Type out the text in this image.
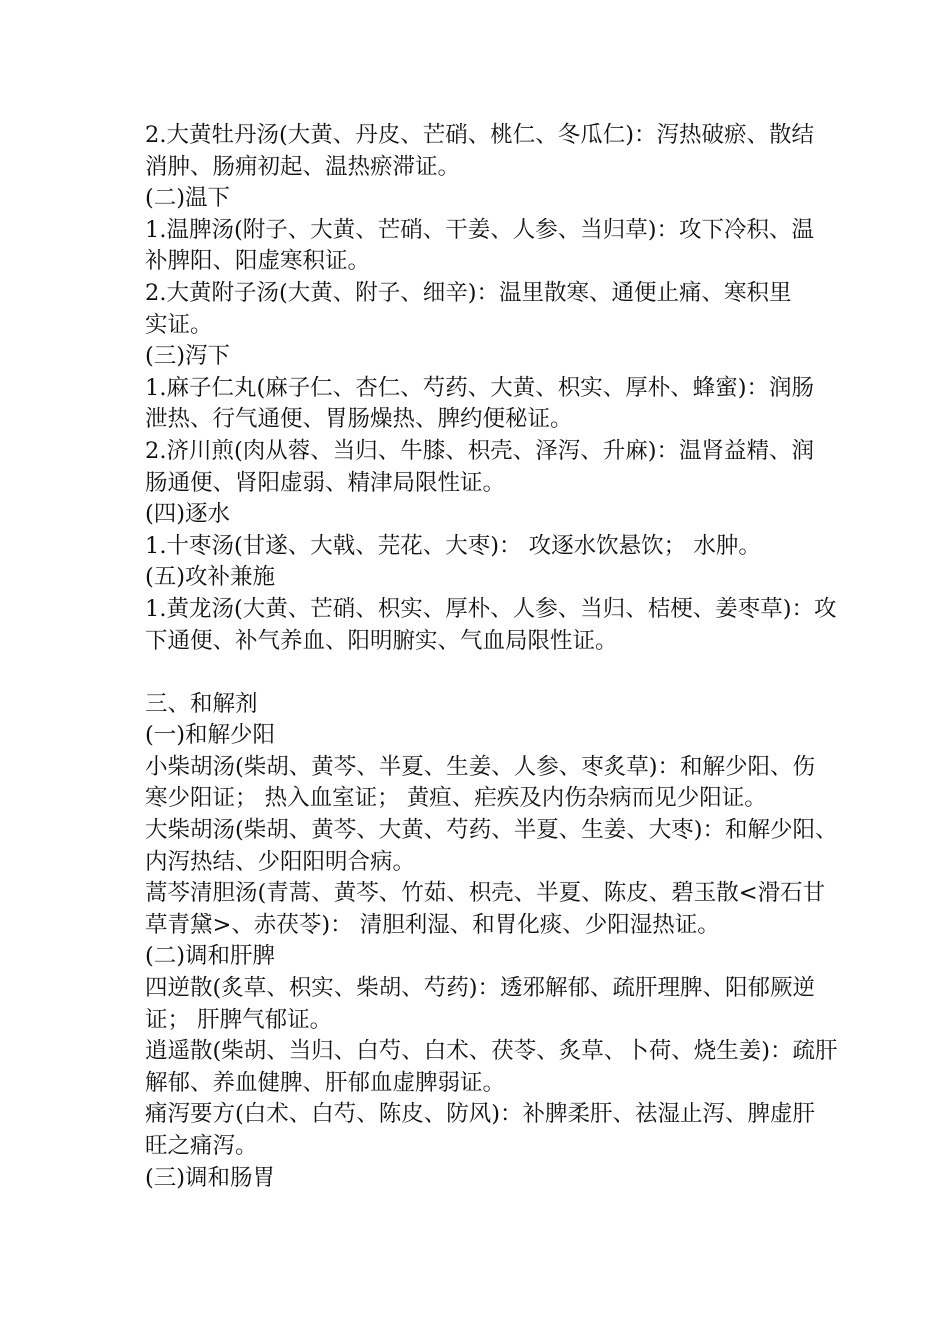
2.大黄牡丹汤(大黄、丹皮、芒硝、桃仁、冬瓜仁)：泻热破瘀、散结
消肿、肠痈初起、温热瘀滞证。
(二)温下
1.温脾汤(附子、大黄、芒硝、干姜、人参、当归草)：攻下冷积、温
补脾阳、阳虚寒积证。
2.大黄附子汤(大黄、附子、细辛)：温里散寒、通便止痛、寒积里
实证。
(三)泻下
1.麻子仁丸(麻子仁、杏仁、芍药、大黄、枳实、厚朴、蜂蜜)：润肠
泄热、行气通便、胃肠燥热、脾约便秘证。
2.济川煎(肉从蓉、当归、牛膝、枳壳、泽泻、升麻)：温肾益精、润
肠通便、肾阳虚弱、精津局限性证。
(四)逐水
1.十枣汤(甘遂、大戟、芫花、大枣)： 攻逐水饮悬饮； 水肿。
(五)攻补兼施
1.黄龙汤(大黄、芒硝、枳实、厚朴、人参、当归、桔梗、姜枣草)：攻
下通便、补气养血、阳明腑实、气血局限性证。
三、和解剂
(一)和解少阳
小柴胡汤(柴胡、黄芩、半夏、生姜、人参、枣炙草)：和解少阳、伤
寒少阳证； 热入血室证； 黄疸、疟疾及内伤杂病而见少阳证。
大柴胡汤(柴胡、黄芩、大黄、芍药、半夏、生姜、大枣)：和解少阳、
内泻热结、少阳阳明合病。
蒿芩清胆汤(青蒿、黄芩、竹茹、枳壳、半夏、陈皮、碧玉散<滑石甘
草青黛>、赤茯苓)： 清胆利湿、和胃化痰、少阳湿热证。
(二)调和肝脾
四逆散(炙草、枳实、柴胡、芍药)：透邪解郁、疏肝理脾、阳郁厥逆
证； 肝脾气郁证。
逍遥散(柴胡、当归、白芍、白术、茯苓、炙草、卜荷、烧生姜)：疏肝
解郁、养血健脾、肝郁血虚脾弱证。
痛泻要方(白术、白芍、陈皮、防风)：补脾柔肝、祛湿止泻、脾虚肝
旺之痛泻。
(三)调和肠胃
